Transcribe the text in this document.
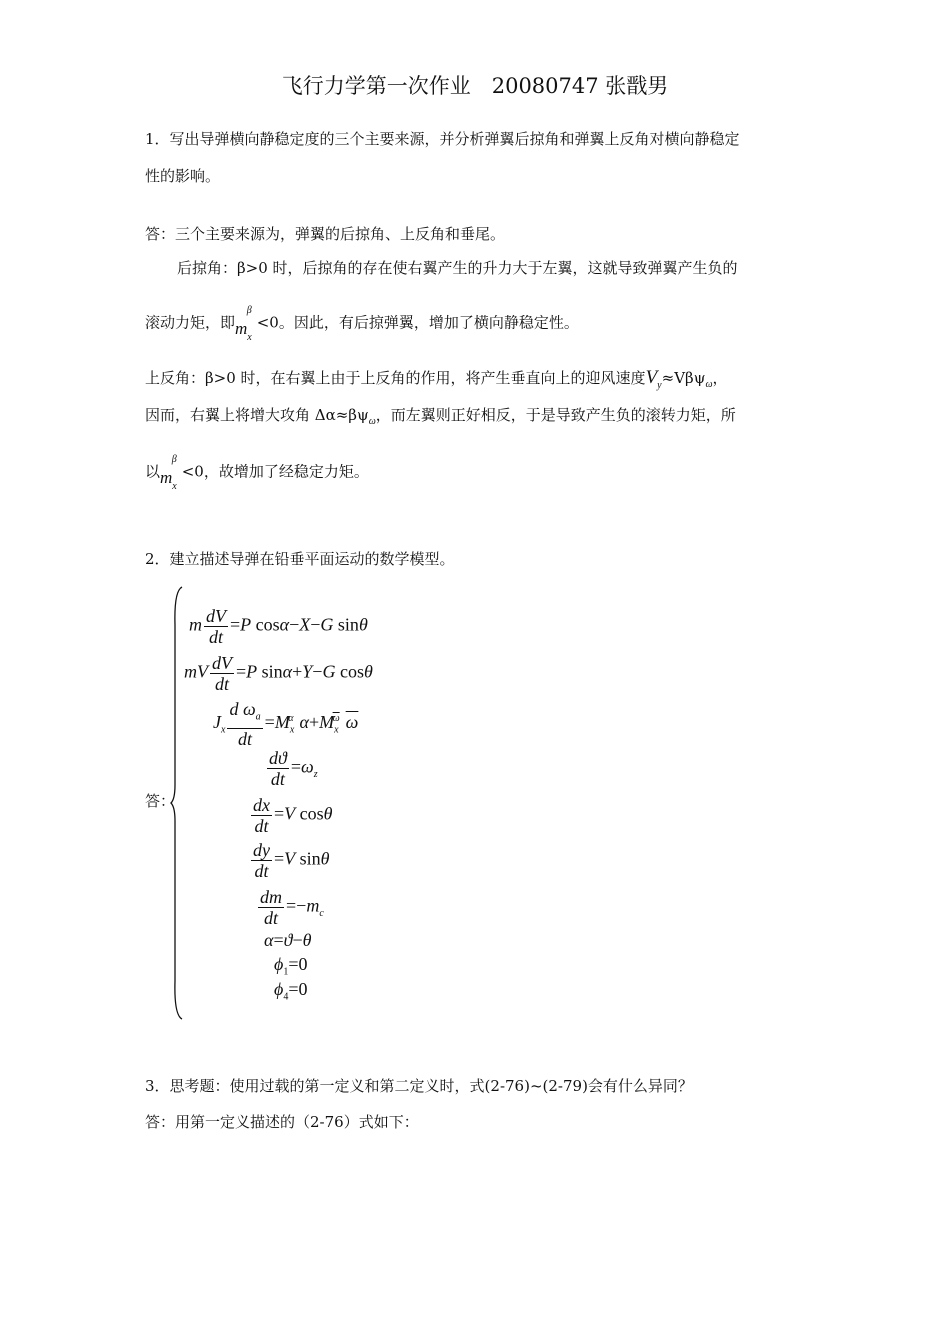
飞行力学第一次作业　20080747 张戬男
1．写出导弹横向静稳定度的三个主要来源，并分析弹翼后掠角和弹翼上反角对横向静稳定
性的影响。
答：三个主要来源为，弹翼的后掠角、上反角和垂尾。
后掠角：β>0 时，后掠角的存在使右翼产生的升力大于左翼，这就导致弹翼产生负的
滚动力矩，即$m_x^\beta<0$。因此，有后掠弹翼，增加了横向静稳定性。
上反角：β>0 时，在右翼上由于上反角的作用，将产生垂直向上的迎风速度$V_y\approx V\beta\psi_\omega$，
因而，右翼上将增大攻角 $\Delta\alpha\approx\beta\psi_\omega$，而左翼则正好相反，于是导致产生负的滚转力矩，所
以$m_x^\beta<0$，故增加了经稳定力矩。
2．建立描述导弹在铅垂平面运动的数学模型。
答：
m $\frac{dV}{dt} =P$ cosα−X−G sinθ
mV $\frac{dV}{dt} =P$ sinα+Y−G cosθ
$J_x \frac{d \omega_a}{dt} =M_x^\alpha$ $\alpha+M_x^{\overline{\omega}}$ $\overline{\omega}$
$\frac{dϑ}{dt} =\omega_z$
$\frac{dx}{dt} =V$ cosθ
$\frac{dy}{dt} =V$ sinθ
$\frac{dm}{dt} =-m_c$
α=ϑ−θ
$\phi_1=0$
$\phi_4=0$
3．思考题：使用过载的第一定义和第二定义时，式(2-76)~(2-79)会有什么异同？
答：用第一定义描述的（2-76）式如下：
